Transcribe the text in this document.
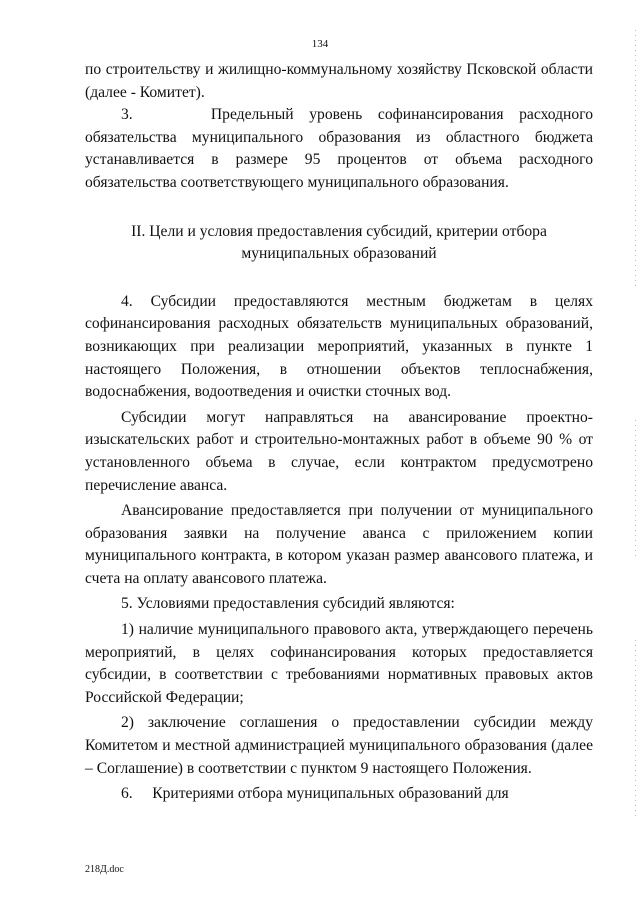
134

по строительству и жилищно-коммунальному хозяйству Псковской области (далее - Комитет).

3.     Предельный уровень софинансирования расходного обязательства муниципального образования из областного бюджета устанавливается в размере 95 процентов от объема расходного обязательства соответствующего муниципального образования.

II. Цели и условия предоставления субсидий, критерии отбора муниципальных образований

4. Субсидии предоставляются местным бюджетам в целях софинансирования расходных обязательств муниципальных образований, возникающих при реализации мероприятий, указанных в пункте 1 настоящего Положения, в отношении объектов теплоснабжения, водоснабжения, водоотведения и очистки сточных вод.

Субсидии могут направляться на авансирование проектно-изыскательских работ и строительно-монтажных работ в объеме 90 % от установленного объема в случае, если контрактом предусмотрено перечисление аванса.

Авансирование предоставляется при получении от муниципального образования заявки на получение аванса с приложением копии муниципального контракта, в котором указан размер авансового платежа, и счета на оплату авансового платежа.

5. Условиями предоставления субсидий являются:

1) наличие муниципального правового акта, утверждающего перечень мероприятий, в целях софинансирования которых предоставляется субсидии, в соответствии с требованиями нормативных правовых актов Российской Федерации;

2) заключение соглашения о предоставлении субсидии между Комитетом и местной администрацией муниципального образования (далее – Соглашение) в соответствии с пунктом 9 настоящего Положения.

6.     Критериями отбора муниципальных образований для

218Д.doc
